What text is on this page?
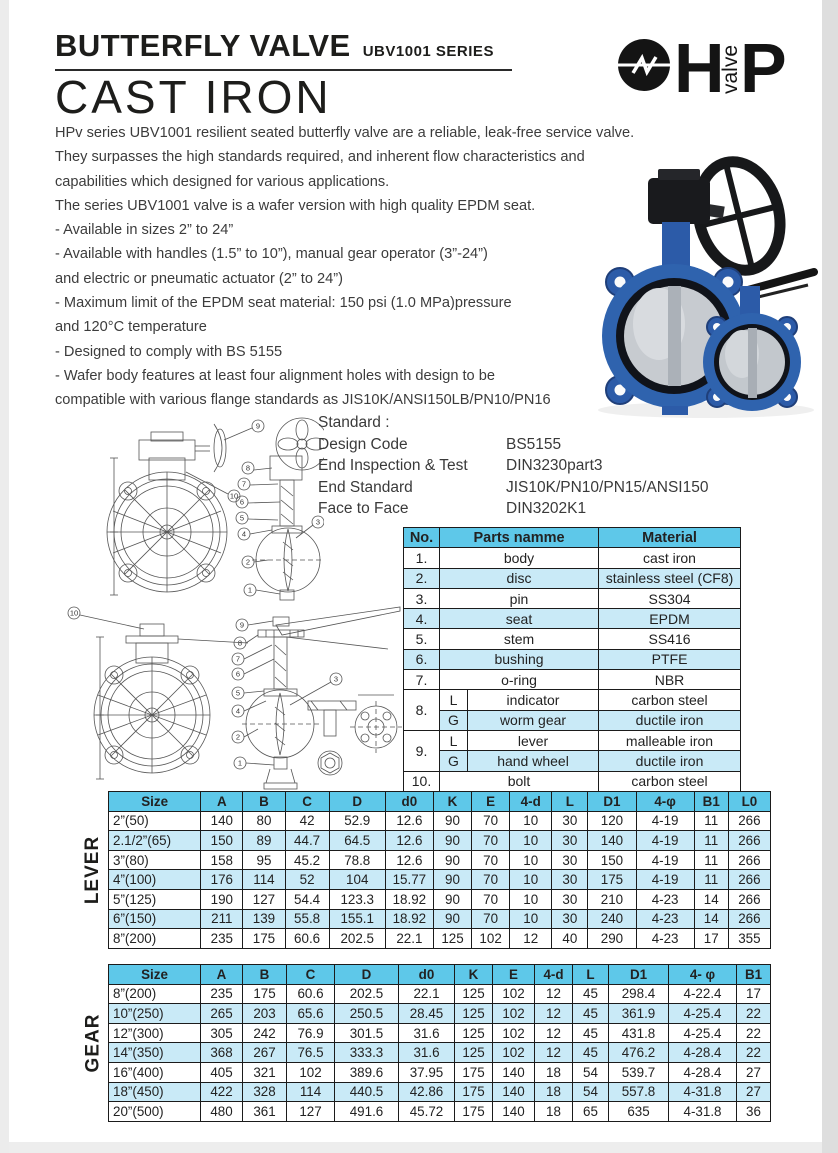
BUTTERFLY VALVE UBV1001 SERIES
CAST IRON	H
valve
P
HPv series UBV1001 resilient seated butterfly valve are a reliable, leak-free service valve.
They surpasses the high standards required, and inherent flow characteristics and
capabilities which designed for various applications.
The series UBV1001 valve is a wafer version with high quality EPDM seat.
- Available in sizes 2” to 24”
- Available with handles (1.5” to 10”), manual gear operator (3”-24”)
and electric or pneumatic actuator (2” to 24”)
- Maximum limit of the EPDM seat material: 150 psi (1.0 MPa)pressure
and 120°C temperature
- Designed to comply with BS 5155
- Wafer body features at least four alignment holes with design to be
compatible with various flange standards as JIS10K/ANSI150LB/PN10/PN16
9
10
8
7
6
5
4
2
1
3
Standard :
Design Code	BS5155
End Inspection & Test	DIN3230part3
End Standard	JIS10K/PN10/PN15/ANSI150
Face to Face	DIN3202K1
No.	Parts namme		Material
1.	body		cast iron
2.	disc		stainless steel (CF8)
3.	pin		SS304
4.	seat		EPDM
5.	stem		SS416
6.	bushing		PTFE
7.	o-ring		NBR
8.	L	indicator	carbon steel
	G	worm gear	ductile iron
9.	L	lever	malleable iron
	G	hand wheel	ductile iron
10.	bolt		carbon steel
10
9
8
7
6
5
4
2
1
3
LEVER
Size	A	B	C	D	d0	K	E	4-d	L	D1	4-φ	B1	L0
2”(50)	140	80	42	52.9	12.6	90	70	10	30	120	4-19	11	266
2.1/2”(65)	150	89	44.7	64.5	12.6	90	70	10	30	140	4-19	11	266
3”(80)	158	95	45.2	78.8	12.6	90	70	10	30	150	4-19	11	266
4”(100)	176	114	52	104	15.77	90	70	10	30	175	4-19	11	266
5”(125)	190	127	54.4	123.3	18.92	90	70	10	30	210	4-23	14	266
6”(150)	211	139	55.8	155.1	18.92	90	70	10	30	240	4-23	14	266
8”(200)	235	175	60.6	202.5	22.1	125	102	12	40	290	4-23	17	355
GEAR
Size	A	B	C	D	d0	K	E	4-d	L	D1	4- φ	B1
8”(200)	235	175	60.6	202.5	22.1	125	102	12	45	298.4	4-22.4	17
10”(250)	265	203	65.6	250.5	28.45	125	102	12	45	361.9	4-25.4	22
12”(300)	305	242	76.9	301.5	31.6	125	102	12	45	431.8	4-25.4	22
14”(350)	368	267	76.5	333.3	31.6	125	102	12	45	476.2	4-28.4	22
16”(400)	405	321	102	389.6	37.95	175	140	18	54	539.7	4-28.4	27
18”(450)	422	328	114	440.5	42.86	175	140	18	54	557.8	4-31.8	27
20”(500)	480	361	127	491.6	45.72	175	140	18	65	635	4-31.8	36
